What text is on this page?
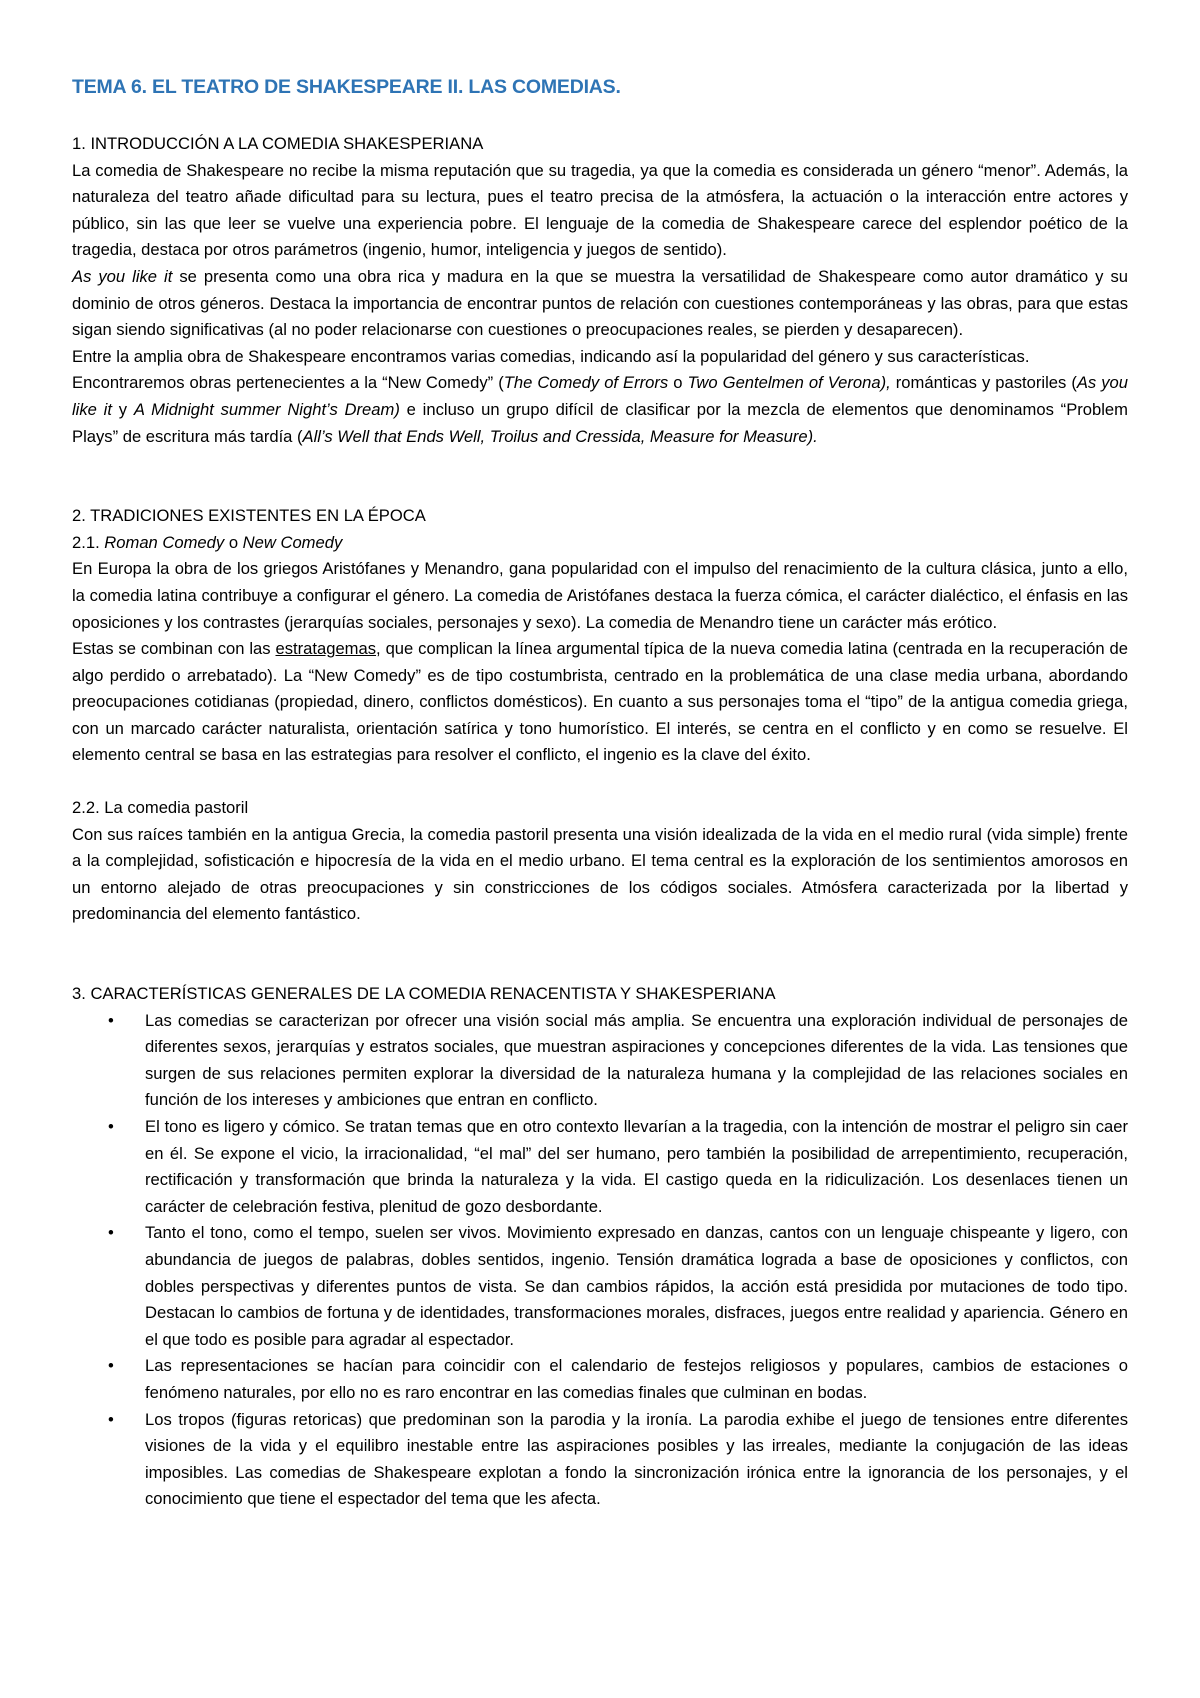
TEMA 6. EL TEATRO DE SHAKESPEARE II. LAS COMEDIAS.

1. INTRODUCCIÓN A LA COMEDIA SHAKESPERIANA

La comedia de Shakespeare no recibe la misma reputación que su tragedia, ya que la comedia es considerada un género “menor”. Además, la naturaleza del teatro añade dificultad para su lectura, pues el teatro precisa de la atmósfera, la actuación o la interacción entre actores y público, sin las que leer se vuelve una experiencia pobre. El lenguaje de la comedia de Shakespeare carece del esplendor poético de la tragedia, destaca por otros parámetros (ingenio, humor, inteligencia y juegos de sentido).

As you like it se presenta como una obra rica y madura en la que se muestra la versatilidad de Shakespeare como autor dramático y su dominio de otros géneros. Destaca la importancia de encontrar puntos de relación con cuestiones contemporáneas y las obras, para que estas sigan siendo significativas (al no poder relacionarse con cuestiones o preocupaciones reales, se pierden y desaparecen).

Entre la amplia obra de Shakespeare encontramos varias comedias, indicando así la popularidad del género y sus características.

Encontraremos obras pertenecientes a la “New Comedy” (The Comedy of Errors o Two Gentelmen of Verona), románticas y pastoriles (As you like it y A Midnight summer Night’s Dream) e incluso un grupo difícil de clasificar por la mezcla de elementos que denominamos “Problem Plays” de escritura más tardía (All’s Well that Ends Well, Troilus and Cressida, Measure for Measure).

2. TRADICIONES EXISTENTES EN LA ÉPOCA

2.1. Roman Comedy o New Comedy

En Europa la obra de los griegos Aristófanes y Menandro, gana popularidad con el impulso del renacimiento de la cultura clásica, junto a ello, la comedia latina contribuye a configurar el género. La comedia de Aristófanes destaca la fuerza cómica, el carácter dialéctico, el énfasis en las oposiciones y los contrastes (jerarquías sociales, personajes y sexo). La comedia de Menandro tiene un carácter más erótico.

Estas se combinan con las estratagemas, que complican la línea argumental típica de la nueva comedia latina (centrada en la recuperación de algo perdido o arrebatado). La “New Comedy” es de tipo costumbrista, centrado en la problemática de una clase media urbana, abordando preocupaciones cotidianas (propiedad, dinero, conflictos domésticos). En cuanto a sus personajes toma el “tipo” de la antigua comedia griega, con un marcado carácter naturalista, orientación satírica y tono humorístico. El interés, se centra en el conflicto y en como se resuelve. El elemento central se basa en las estrategias para resolver el conflicto, el ingenio es la clave del éxito.

2.2. La comedia pastoril

Con sus raíces también en la antigua Grecia, la comedia pastoril presenta una visión idealizada de la vida en el medio rural (vida simple) frente a la complejidad, sofisticación e hipocresía de la vida en el medio urbano. El tema central es la exploración de los sentimientos amorosos en un entorno alejado de otras preocupaciones y sin constricciones de los códigos sociales. Atmósfera caracterizada por la libertad y predominancia del elemento fantástico.

3. CARACTERÍSTICAS GENERALES DE LA COMEDIA RENACENTISTA Y SHAKESPERIANA

• Las comedias se caracterizan por ofrecer una visión social más amplia. Se encuentra una exploración individual de personajes de diferentes sexos, jerarquías y estratos sociales, que muestran aspiraciones y concepciones diferentes de la vida. Las tensiones que surgen de sus relaciones permiten explorar la diversidad de la naturaleza humana y la complejidad de las relaciones sociales en función de los intereses y ambiciones que entran en conflicto.
• El tono es ligero y cómico. Se tratan temas que en otro contexto llevarían a la tragedia, con la intención de mostrar el peligro sin caer en él. Se expone el vicio, la irracionalidad, “el mal” del ser humano, pero también la posibilidad de arrepentimiento, recuperación, rectificación y transformación que brinda la naturaleza y la vida. El castigo queda en la ridiculización. Los desenlaces tienen un carácter de celebración festiva, plenitud de gozo desbordante.
• Tanto el tono, como el tempo, suelen ser vivos. Movimiento expresado en danzas, cantos con un lenguaje chispeante y ligero, con abundancia de juegos de palabras, dobles sentidos, ingenio. Tensión dramática lograda a base de oposiciones y conflictos, con dobles perspectivas y diferentes puntos de vista. Se dan cambios rápidos, la acción está presidida por mutaciones de todo tipo. Destacan lo cambios de fortuna y de identidades, transformaciones morales, disfraces, juegos entre realidad y apariencia. Género en el que todo es posible para agradar al espectador.
• Las representaciones se hacían para coincidir con el calendario de festejos religiosos y populares, cambios de estaciones o fenómeno naturales, por ello no es raro encontrar en las comedias finales que culminan en bodas.
• Los tropos (figuras retoricas) que predominan son la parodia y la ironía. La parodia exhibe el juego de tensiones entre diferentes visiones de la vida y el equilibro inestable entre las aspiraciones posibles y las irreales, mediante la conjugación de las ideas imposibles. Las comedias de Shakespeare explotan a fondo la sincronización irónica entre la ignorancia de los personajes, y el conocimiento que tiene el espectador del tema que les afecta.
